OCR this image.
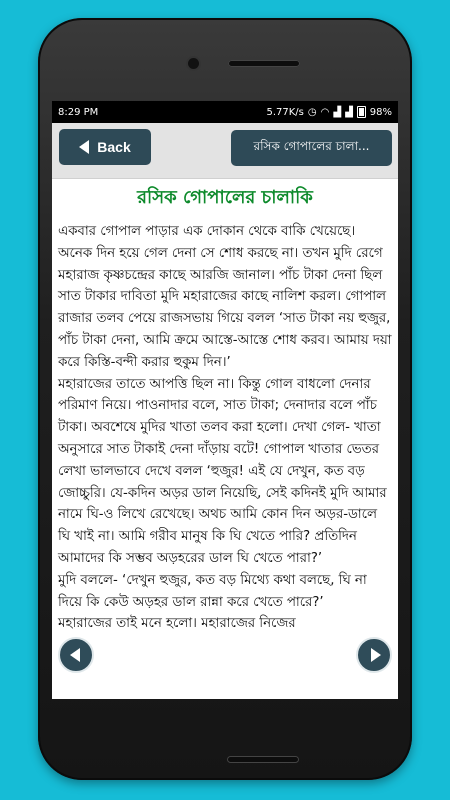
8:29 PM	5.77K/s ◷ ◠ ▟ ▟ 98%
Back	রসিক গোপালের চালা...
রসিক গোপালের চালাকি

একবার গোপাল পাড়ার এক দোকান থেকে বাকি খেয়েছে। অনেক দিন হয়ে গেল দেনা সে শোধ করছে না। তখন মুদি রেগে মহারাজ কৃষ্ণচন্দ্রের কাছে আরজি জানাল। পাঁচ টাকা দেনা ছিল সাত টাকার দাবিতা মুদি মহারাজের কাছে নালিশ করল। গোপাল রাজার তলব পেয়ে রাজসভায় গিয়ে বলল ‘সাত টাকা নয় হুজুর, পাঁচ টাকা দেনা, আমি ক্রমে আস্তে-আস্তে শোধ করব। আমায় দয়া করে কিস্তি-বন্দী করার হুকুম দিন।’
মহারাজের তাতে আপত্তি ছিল না। কিন্তু গোল বাধলো দেনার পরিমাণ নিয়ে। পাওনাদার বলে, সাত টাকা; দেনাদার বলে পাঁচ টাকা। অবশেষে মুদির খাতা তলব করা হলো। দেখা গেল- খাতা অনুসারে সাত টাকাই দেনা দাঁড়ায় বটে! গোপাল খাতার ভেতর লেখা ভালভাবে দেখে বলল ‘হুজুর! এই যে দেখুন, কত বড় জোচ্চুরি। যে-কদিন অড়র ডাল নিয়েছি, সেই কদিনই মুদি আমার নামে ঘি-ও লিখে রেখেছে। অথচ আমি কোন দিন অড়র-ডালে ঘি খাই না। আমি গরীব মানুষ কি ঘি খেতে পারি? প্রতিদিন আমাদের কি সম্ভব অড়হরের ডাল ঘি খেতে পারা?’
মুদি বললে- ‘দেখুন হুজুর, কত বড় মিথ্যে কথা বলছে, ঘি না দিয়ে কি কেউ অড়হর ডাল রান্না করে খেতে পারে?’
মহারাজের তাই মনে হলো। মহারাজের নিজের
